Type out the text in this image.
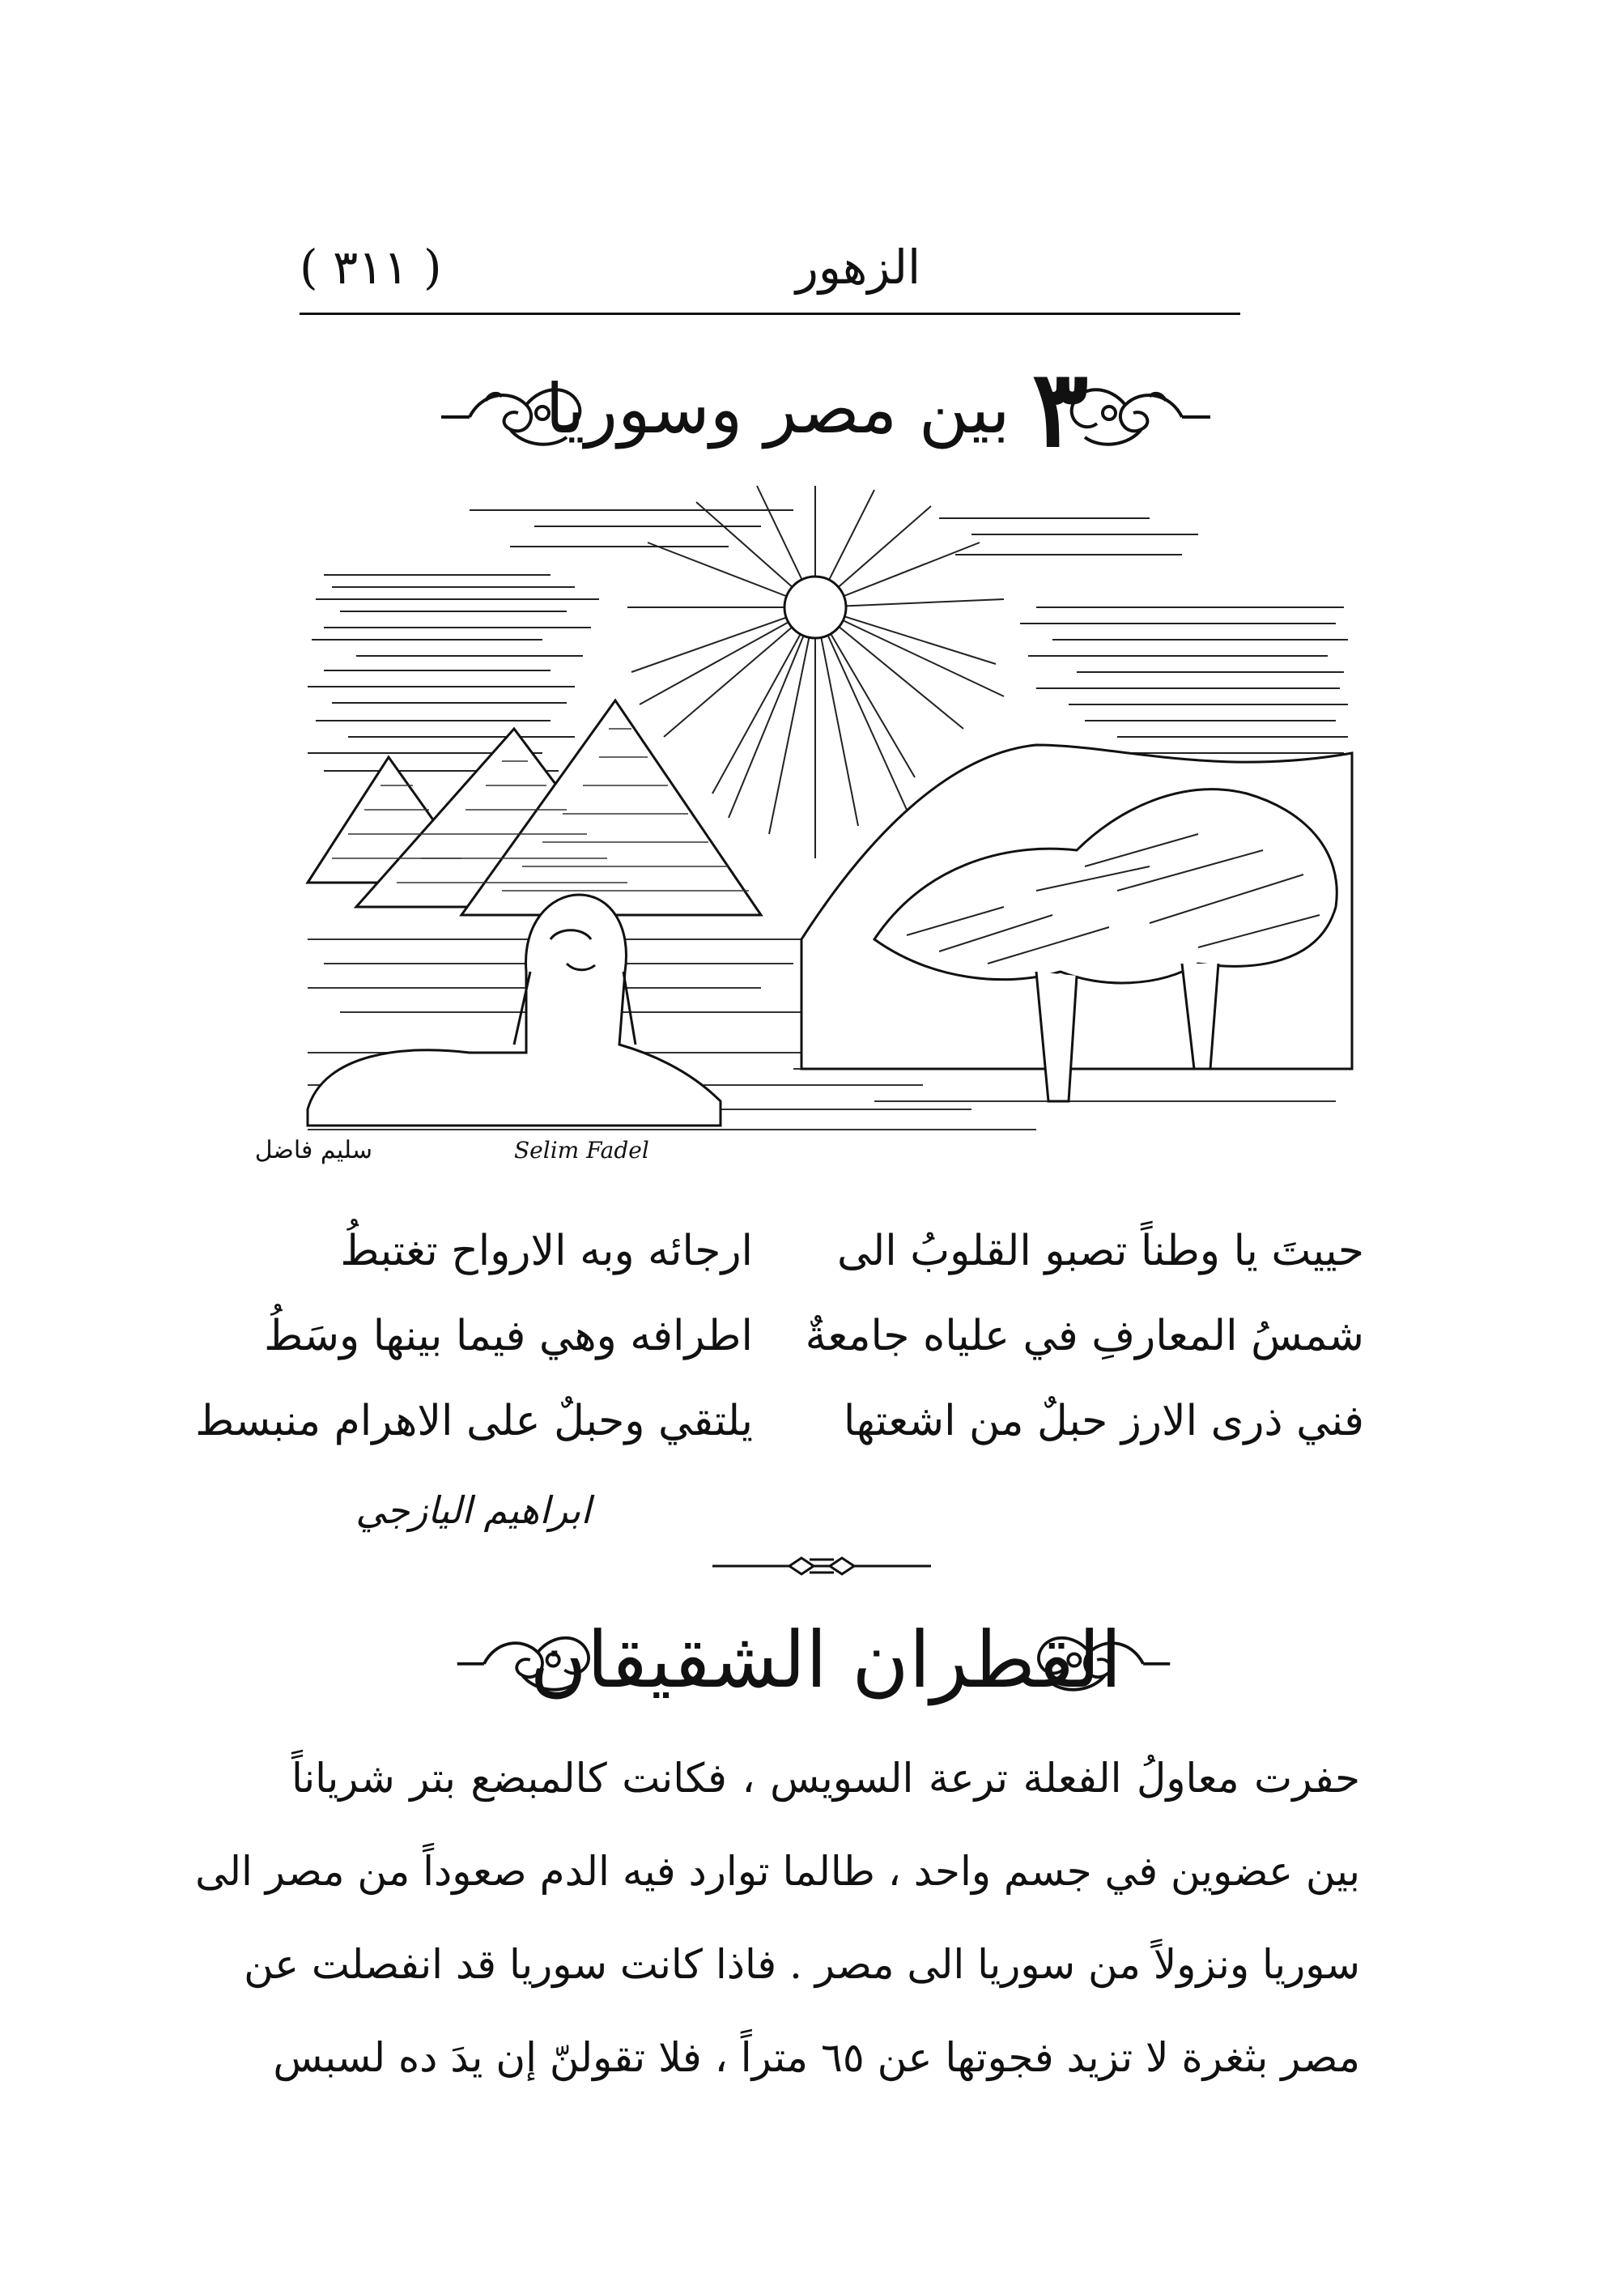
( ٣١١ )	الزهور
٣ بين مصر وسوريا
Selim Fadel
سليم فاضل
حييتَ يا وطناً تصبو القلوبُ الى
ارجائه وبه الارواح تغتبطُ
شمسُ المعارفِ في علياه جامعةٌ
اطرافه وهي فيما بينها وسَطُ
فني ذرى الارز حبلٌ من اشعتها
يلتقي وحبلٌ على الاهرام منبسط
ابراهيم اليازجي
القطران الشقيقان
حفرت معاولُ الفعلة ترعة السويس ، فكانت كالمبضع بتر شرياناً
بين عضوين في جسم واحد ، طالما توارد فيه الدم صعوداً من مصر الى
سوريا ونزولاً من سوريا الى مصر . فاذا كانت سوريا قد انفصلت عن
مصر بثغرة لا تزيد فجوتها عن ٦٥ متراً ، فلا تقولنّ إن يدَ ده لسبس
